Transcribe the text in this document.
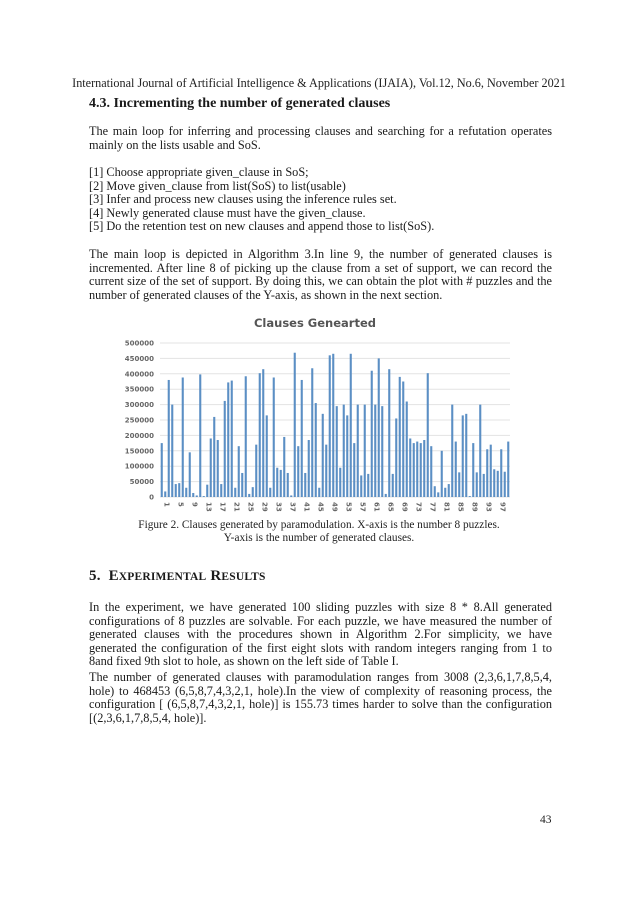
International Journal of Artificial Intelligence & Applications (IJAIA), Vol.12, No.6, November 2021
4.3. Incrementing the number of generated clauses

The main loop for inferring and processing clauses and searching for a refutation operates mainly on the lists usable and SoS.

[1] Choose appropriate given_clause in SoS;
[2] Move given_clause from list(SoS) to list(usable)
[3] Infer and process new clauses using the inference rules set.
[4] Newly generated clause must have the given_clause.
[5] Do the retention test on new clauses and append those to list(SoS).

The main loop is depicted in Algorithm 3.In line 9, the number of generated clauses is incremented. After line 8 of picking up the clause from a set of support, we can record the current size of the set of support. By doing this, we can obtain the plot with # puzzles and the number of generated clauses of the Y-axis, as shown in the next section.

Clauses Genearted
0
50000
100000
150000
200000
250000
300000
350000
400000
450000
500000
1 5 9 13 17 21 25 29 33 37 41 45 49 53 57 61 65 69 73 77 81 85 89 93 97
Figure 2. Clauses generated by paramodulation. X-axis is the number 8 puzzles.
Y-axis is the number of generated clauses.
5. EXPERIMENTAL RESULTS

In the experiment, we have generated 100 sliding puzzles with size 8 * 8.All generated configurations of 8 puzzles are solvable. For each puzzle, we have measured the number of generated clauses with the procedures shown in Algorithm 2.For simplicity, we have generated the configuration of the first eight slots with random integers ranging from 1 to 8and fixed 9th slot to hole, as shown on the left side of Table I.

The number of generated clauses with paramodulation ranges from 3008 (2,3,6,1,7,8,5,4, hole) to 468453 (6,5,8,7,4,3,2,1, hole).In the view of complexity of reasoning process, the configuration [ (6,5,8,7,4,3,2,1, hole)] is 155.73 times harder to solve than the configuration [(2,3,6,1,7,8,5,4, hole)].

43
